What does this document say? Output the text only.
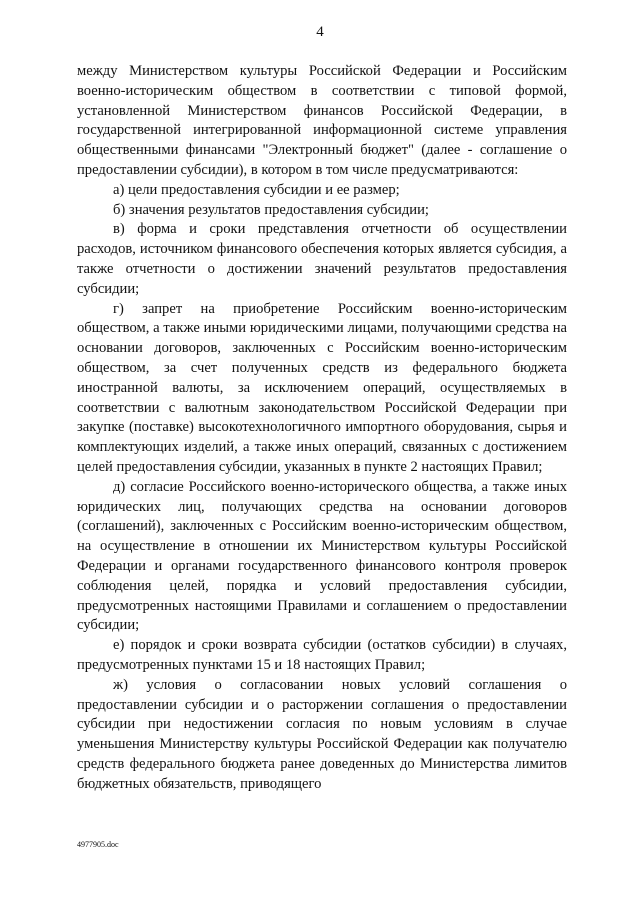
4

между Министерством культуры Российской Федерации и Российским военно-историческим обществом в соответствии с типовой формой, установленной Министерством финансов Российской Федерации, в государственной интегрированной информационной системе управления общественными финансами "Электронный бюджет" (далее - соглашение о предоставлении субсидии), в котором в том числе предусматриваются:

а) цели предоставления субсидии и ее размер;

б) значения результатов предоставления субсидии;

в) форма и сроки представления отчетности об осуществлении расходов, источником финансового обеспечения которых является субсидия, а также отчетности о достижении значений результатов предоставления субсидии;

г) запрет на приобретение Российским военно-историческим обществом, а также иными юридическими лицами, получающими средства на основании договоров, заключенных с Российским военно-историческим обществом, за счет полученных средств из федерального бюджета иностранной валюты, за исключением операций, осуществляемых в соответствии с валютным законодательством Российской Федерации при закупке (поставке) высокотехнологичного импортного оборудования, сырья и комплектующих изделий, а также иных операций, связанных с достижением целей предоставления субсидии, указанных в пункте 2 настоящих Правил;

д) согласие Российского военно-исторического общества, а также иных юридических лиц, получающих средства на основании договоров (соглашений), заключенных с Российским военно-историческим обществом, на осуществление в отношении их Министерством культуры Российской Федерации и органами государственного финансового контроля проверок соблюдения целей, порядка и условий предоставления субсидии, предусмотренных настоящими Правилами и соглашением о предоставлении субсидии;

е) порядок и сроки возврата субсидии (остатков субсидии) в случаях, предусмотренных пунктами 15 и 18 настоящих Правил;

ж) условия о согласовании новых условий соглашения о предоставлении субсидии и о расторжении соглашения о предоставлении субсидии при недостижении согласия по новым условиям в случае уменьшения Министерству культуры Российской Федерации как получателю средств федерального бюджета ранее доведенных до Министерства лимитов бюджетных обязательств, приводящего

4977905.doc
